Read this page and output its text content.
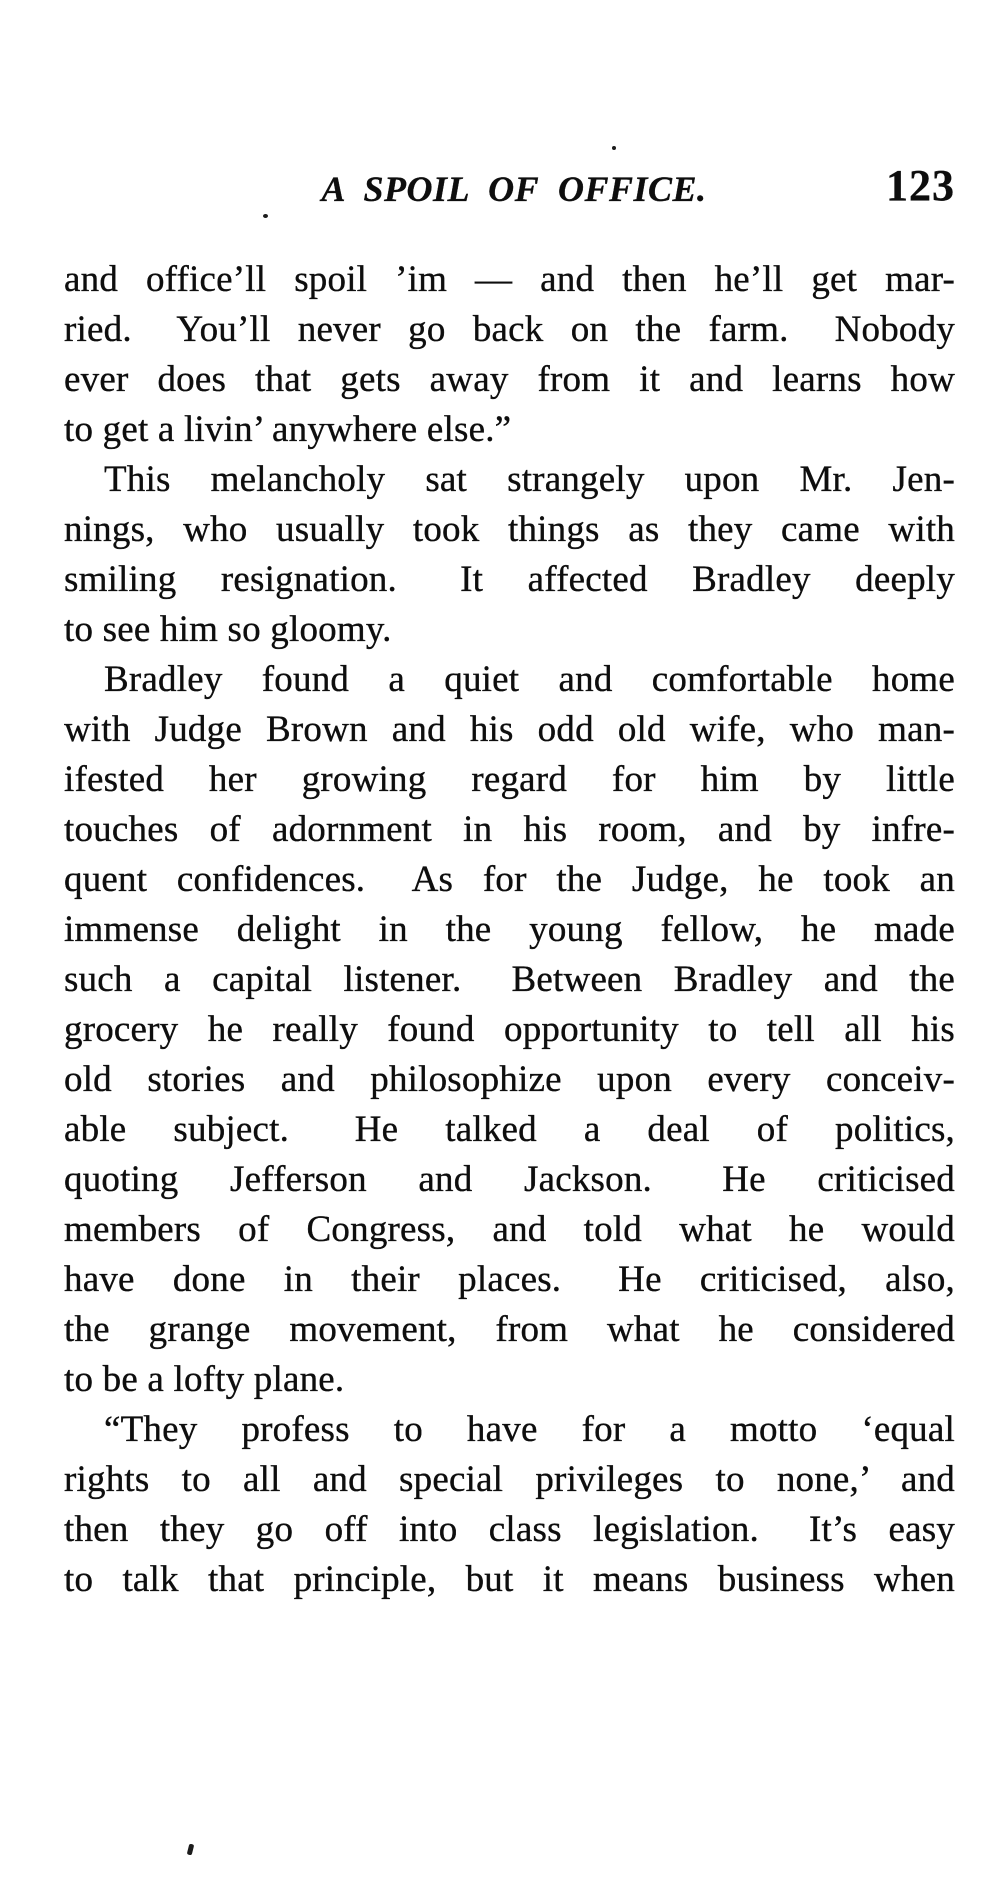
A SPOIL OF OFFICE.	123
and office’ll spoil ’im — and then he’ll get mar-
ried.  You’ll never go back on the farm.  Nobody
ever does that gets away from it and learns how
to get a livin’ anywhere else.”
This melancholy sat strangely upon Mr. Jen-
nings, who usually took things as they came with
smiling resignation.  It affected Bradley deeply
to see him so gloomy.
Bradley found a quiet and comfortable home
with Judge Brown and his odd old wife, who man-
ifested her growing regard for him by little
touches of adornment in his room, and by infre-
quent confidences.  As for the Judge, he took an
immense delight in the young fellow, he made
such a capital listener.  Between Bradley and the
grocery he really found opportunity to tell all his
old stories and philosophize upon every conceiv-
able subject.  He talked a deal of politics,
quoting Jefferson and Jackson.  He criticised
members of Congress, and told what he would
have done in their places.  He criticised, also,
the grange movement, from what he considered
to be a lofty plane.
“They profess to have for a motto ‘equal
rights to all and special privileges to none,’ and
then they go off into class legislation.  It’s easy
to talk that principle, but it means business when
